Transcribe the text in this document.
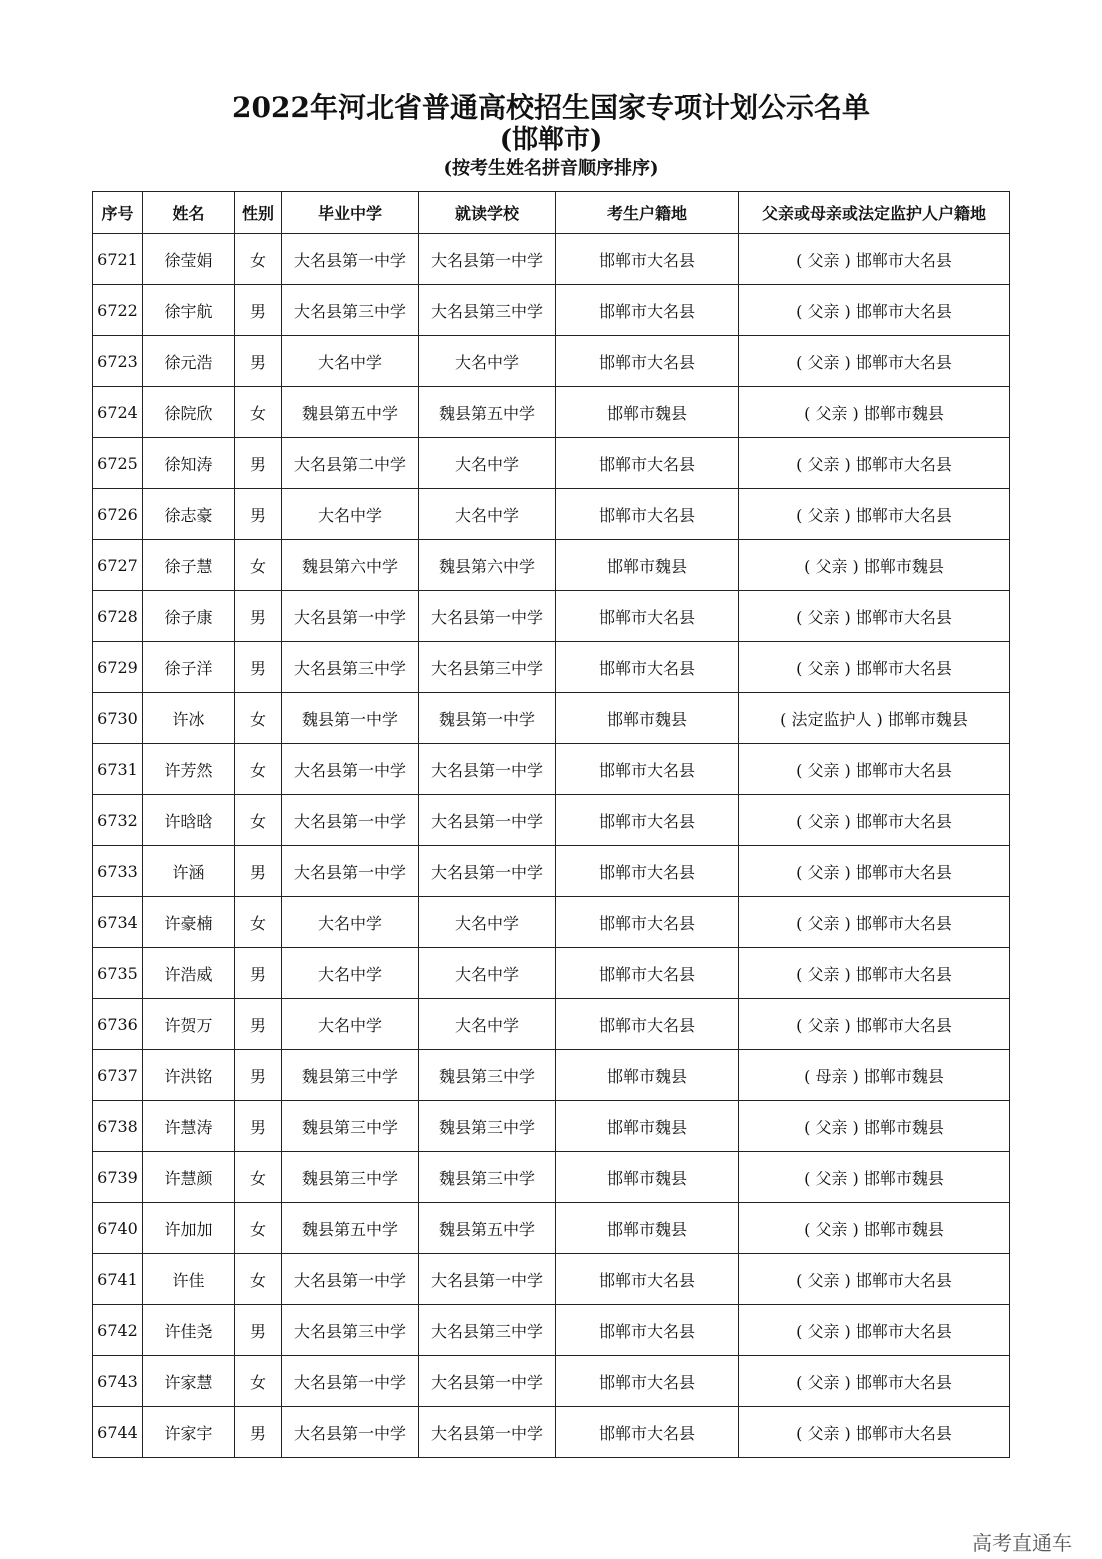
2022年河北省普通高校招生国家专项计划公示名单
(邯郸市)
(按考生姓名拼音顺序排序)
序号	姓名	性别	毕业中学	就读学校	考生户籍地	父亲或母亲或法定监护人户籍地
6721	徐莹娟	女	大名县第一中学	大名县第一中学	邯郸市大名县	( 父亲 ) 邯郸市大名县
6722	徐宇航	男	大名县第三中学	大名县第三中学	邯郸市大名县	( 父亲 ) 邯郸市大名县
6723	徐元浩	男	大名中学	大名中学	邯郸市大名县	( 父亲 ) 邯郸市大名县
6724	徐院欣	女	魏县第五中学	魏县第五中学	邯郸市魏县	( 父亲 ) 邯郸市魏县
6725	徐知涛	男	大名县第二中学	大名中学	邯郸市大名县	( 父亲 ) 邯郸市大名县
6726	徐志豪	男	大名中学	大名中学	邯郸市大名县	( 父亲 ) 邯郸市大名县
6727	徐子慧	女	魏县第六中学	魏县第六中学	邯郸市魏县	( 父亲 ) 邯郸市魏县
6728	徐子康	男	大名县第一中学	大名县第一中学	邯郸市大名县	( 父亲 ) 邯郸市大名县
6729	徐子洋	男	大名县第三中学	大名县第三中学	邯郸市大名县	( 父亲 ) 邯郸市大名县
6730	许冰	女	魏县第一中学	魏县第一中学	邯郸市魏县	( 法定监护人 ) 邯郸市魏县
6731	许芳然	女	大名县第一中学	大名县第一中学	邯郸市大名县	( 父亲 ) 邯郸市大名县
6732	许晗晗	女	大名县第一中学	大名县第一中学	邯郸市大名县	( 父亲 ) 邯郸市大名县
6733	许涵	男	大名县第一中学	大名县第一中学	邯郸市大名县	( 父亲 ) 邯郸市大名县
6734	许豪楠	女	大名中学	大名中学	邯郸市大名县	( 父亲 ) 邯郸市大名县
6735	许浩威	男	大名中学	大名中学	邯郸市大名县	( 父亲 ) 邯郸市大名县
6736	许贺万	男	大名中学	大名中学	邯郸市大名县	( 父亲 ) 邯郸市大名县
6737	许洪铭	男	魏县第三中学	魏县第三中学	邯郸市魏县	( 母亲 ) 邯郸市魏县
6738	许慧涛	男	魏县第三中学	魏县第三中学	邯郸市魏县	( 父亲 ) 邯郸市魏县
6739	许慧颜	女	魏县第三中学	魏县第三中学	邯郸市魏县	( 父亲 ) 邯郸市魏县
6740	许加加	女	魏县第五中学	魏县第五中学	邯郸市魏县	( 父亲 ) 邯郸市魏县
6741	许佳	女	大名县第一中学	大名县第一中学	邯郸市大名县	( 父亲 ) 邯郸市大名县
6742	许佳尧	男	大名县第三中学	大名县第三中学	邯郸市大名县	( 父亲 ) 邯郸市大名县
6743	许家慧	女	大名县第一中学	大名县第一中学	邯郸市大名县	( 父亲 ) 邯郸市大名县
6744	许家宇	男	大名县第一中学	大名县第一中学	邯郸市大名县	( 父亲 ) 邯郸市大名县
高考直通车
